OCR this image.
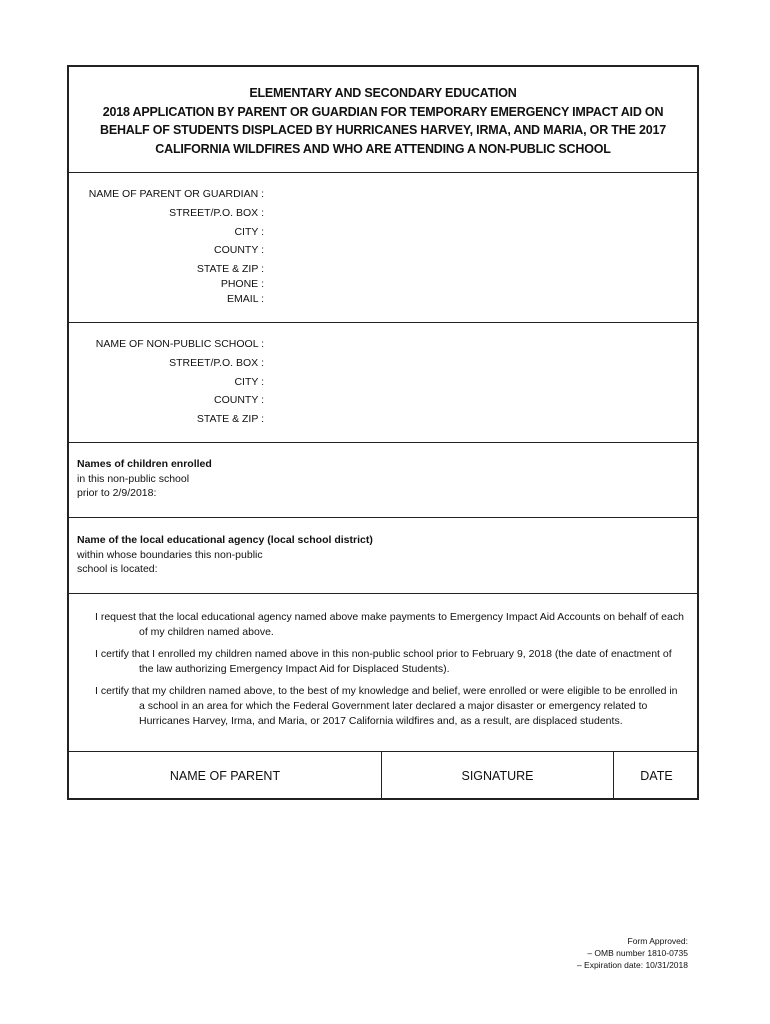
ELEMENTARY AND SECONDARY EDUCATION
2018 APPLICATION BY PARENT OR GUARDIAN FOR TEMPORARY EMERGENCY IMPACT AID ON
BEHALF OF STUDENTS DISPLACED BY HURRICANES HARVEY, IRMA, AND MARIA, OR THE 2017
CALIFORNIA WILDFIRES AND WHO ARE ATTENDING A NON-PUBLIC SCHOOL
NAME OF PARENT OR GUARDIAN :
STREET/P.O. BOX :
CITY :
COUNTY :
STATE & ZIP :
PHONE :
EMAIL :
NAME OF NON-PUBLIC SCHOOL :
STREET/P.O. BOX :
CITY :
COUNTY :
STATE & ZIP :
Names of children enrolled
in this non-public school
prior to 2/9/2018:
Name of the local educational agency (local school district)
within whose boundaries this non-public
school is located:

I request that the local educational agency named above make payments to Emergency Impact Aid Accounts on behalf of each of my children named above.

I certify that I enrolled my children named above in this non-public school prior to February 9, 2018 (the date of enactment of the law authorizing Emergency Impact Aid for Displaced Students).

I certify that my children named above, to the best of my knowledge and belief, were enrolled or were eligible to be enrolled in a school in an area for which the Federal Government later declared a major disaster or emergency related to Hurricanes Harvey, Irma, and Maria, or 2017 California wildfires and, as a result, are displaced students.

NAME OF PARENT	SIGNATURE	DATE
Form Approved:
– OMB number 1810-0735
– Expiration date: 10/31/2018
